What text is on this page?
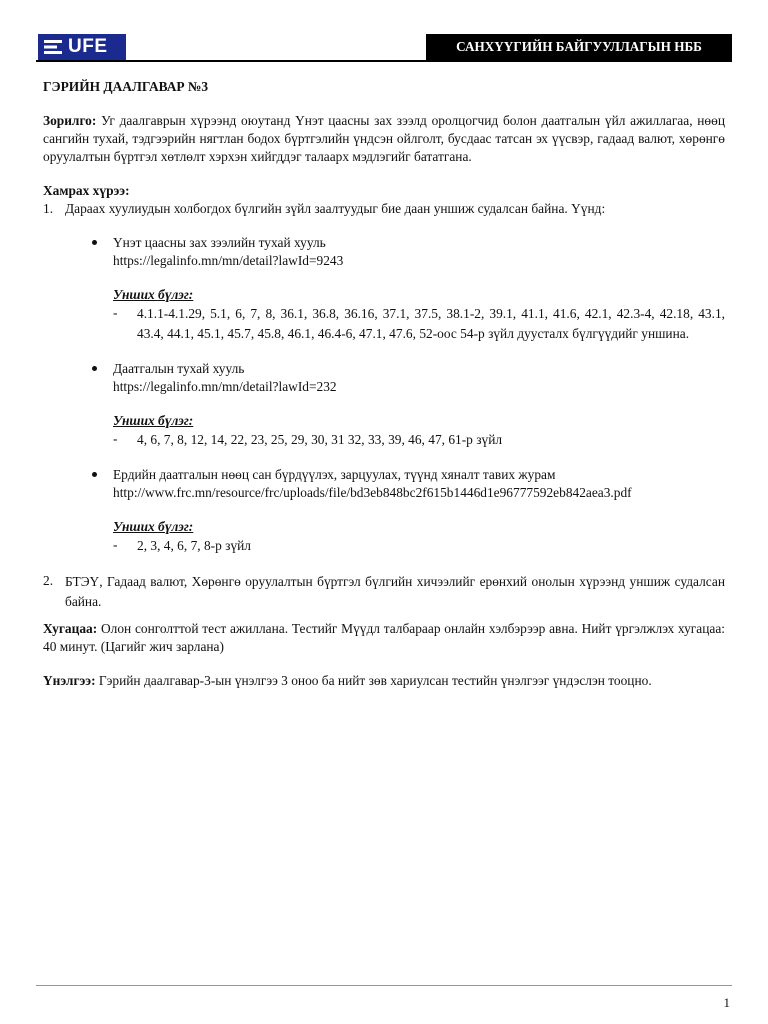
UFE	САНХҮҮГИЙН БАЙГУУЛЛАГЫН НББ

ГЭРИЙН ДААЛГАВАР №3

Зорилго: Уг даалгаврын хүрээнд оюутанд Үнэт цаасны зах зээлд оролцогчид болон даатгалын үйл ажиллагаа, нөөц сангийн тухай, тэдгээрийн нягтлан бодох бүртгэлийн үндсэн ойлголт, бусдаас татсан эх үүсвэр, гадаад валют, хөрөнгө оруулалтын бүртгэл хөтлөлт хэрхэн хийгддэг талаарх мэдлэгийг бататгана.

Хамрах хүрээ:

1. Дараах хуулиудын холбогдох бүлгийн зүйл заалтуудыг бие даан уншиж судалсан байна. Үүнд:
Үнэт цаасны зах зээлийн тухай хууль
https://legalinfo.mn/mn/detail?lawId=9243
Унших бүлэг:
-	4.1.1-4.1.29, 5.1, 6, 7, 8, 36.1, 36.8, 36.16, 37.1, 37.5, 38.1-2, 39.1, 41.1, 41.6, 42.1, 42.3-4, 42.18, 43.1, 43.4, 44.1, 45.1, 45.7, 45.8, 46.1, 46.4-6, 47.1, 47.6, 52-оос 54-р зүйл дуусталх бүлгүүдийг уншина.
Даатгалын тухай хууль
https://legalinfo.mn/mn/detail?lawId=232
Унших бүлэг:
-	4, 6, 7, 8, 12, 14, 22, 23, 25, 29, 30, 31 32, 33, 39, 46, 47, 61-р зүйл
Ердийн даатгалын нөөц сан бүрдүүлэх, зарцуулах, түүнд хяналт тавих журам
http://www.frc.mn/resource/frc/uploads/file/bd3eb848bc2f615b1446d1e96777592eb842aea3.pdf
Унших бүлэг:
-	2, 3, 4, 6, 7, 8-р зүйл
2. БТЭҮ, Гадаад валют, Хөрөнгө оруулалтын бүртгэл бүлгийн хичээлийг ерөнхий онолын хүрээнд уншиж судалсан байна.

Хугацаа: Олон сонголттой тест ажиллана. Тестийг Мүүдл талбараар онлайн хэлбэрээр авна. Нийт үргэлжлэх хугацаа: 40 минут. (Цагийг жич зарлана)

Үнэлгээ: Гэрийн даалгавар-3-ын үнэлгээ 3 оноо ба нийт зөв хариулсан тестийн үнэлгээг үндэслэн тооцно.

1
